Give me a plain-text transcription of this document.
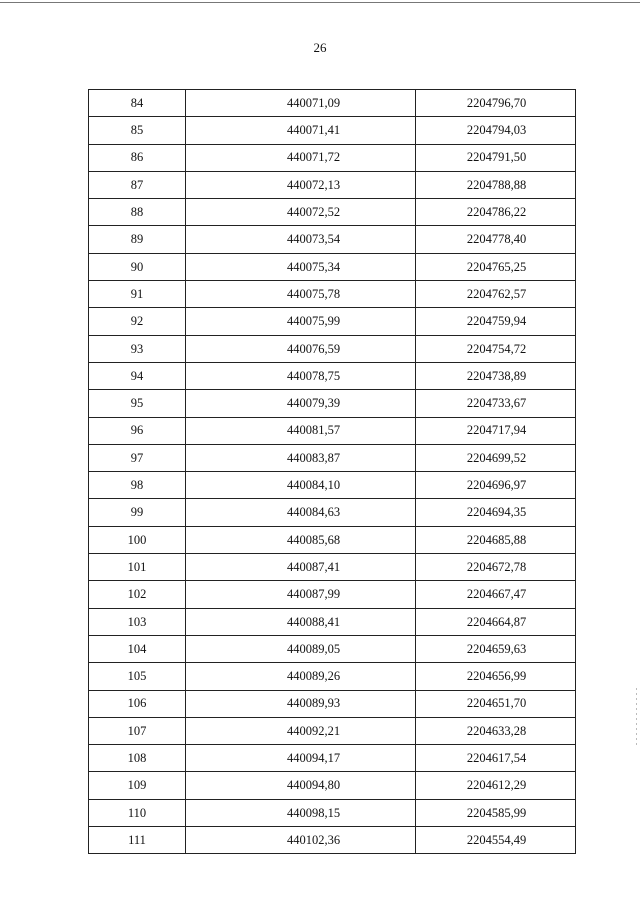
26
84	440071,09	2204796,70
85	440071,41	2204794,03
86	440071,72	2204791,50
87	440072,13	2204788,88
88	440072,52	2204786,22
89	440073,54	2204778,40
90	440075,34	2204765,25
91	440075,78	2204762,57
92	440075,99	2204759,94
93	440076,59	2204754,72
94	440078,75	2204738,89
95	440079,39	2204733,67
96	440081,57	2204717,94
97	440083,87	2204699,52
98	440084,10	2204696,97
99	440084,63	2204694,35
100	440085,68	2204685,88
101	440087,41	2204672,78
102	440087,99	2204667,47
103	440088,41	2204664,87
104	440089,05	2204659,63
105	440089,26	2204656,99
106	440089,93	2204651,70
107	440092,21	2204633,28
108	440094,17	2204617,54
109	440094,80	2204612,29
110	440098,15	2204585,99
111	440102,36	2204554,49
